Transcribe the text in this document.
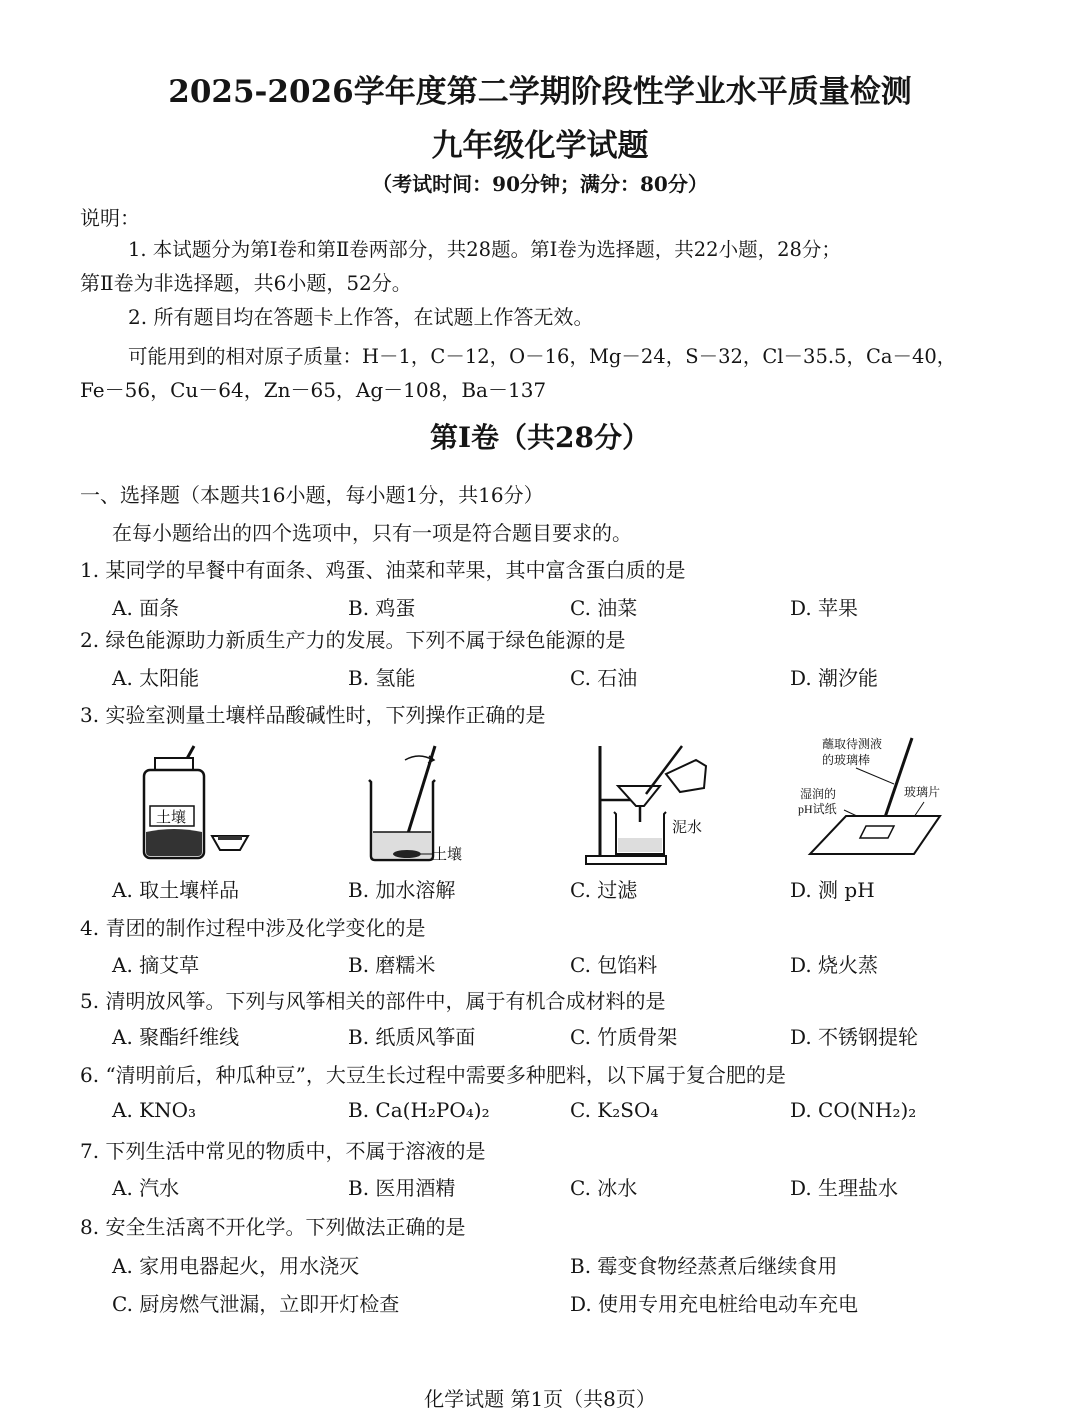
2025-2026学年度第二学期阶段性学业水平质量检测
九年级化学试题
（考试时间：90分钟；满分：80分）
说明：
1. 本试题分为第Ⅰ卷和第Ⅱ卷两部分，共28题。第Ⅰ卷为选择题，共22小题，28分；
第Ⅱ卷为非选择题，共6小题，52分。
2. 所有题目均在答题卡上作答，在试题上作答无效。
可能用到的相对原子质量：H－1，C－12，O－16，Mg－24，S－32，Cl－35.5，Ca－40，
Fe－56，Cu－64，Zn－65，Ag－108，Ba－137
第Ⅰ卷（共28分）
一、选择题（本题共16小题，每小题1分，共16分）
在每小题给出的四个选项中，只有一项是符合题目要求的。
1. 某同学的早餐中有面条、鸡蛋、油菜和苹果，其中富含蛋白质的是
A. 面条	B. 鸡蛋	C. 油菜	D. 苹果
2. 绿色能源助力新质生产力的发展。下列不属于绿色能源的是
A. 太阳能	B. 氢能	C. 石油	D. 潮汐能
3. 实验室测量土壤样品酸碱性时，下列操作正确的是
土壤
土壤
泥水
蘸取待测液
的玻璃棒
湿润的
pH试纸
玻璃片
A. 取土壤样品	B. 加水溶解	C. 过滤	D. 测 pH
4. 青团的制作过程中涉及化学变化的是
A. 摘艾草	B. 磨糯米	C. 包馅料	D. 烧火蒸
5. 清明放风筝。下列与风筝相关的部件中，属于有机合成材料的是
A. 聚酯纤维线	B. 纸质风筝面	C. 竹质骨架	D. 不锈钢提轮
6. “清明前后，种瓜种豆”，大豆生长过程中需要多种肥料，以下属于复合肥的是
A. KNO₃	B. Ca(H₂PO₄)₂	C. K₂SO₄	D. CO(NH₂)₂
7. 下列生活中常见的物质中，不属于溶液的是
A. 汽水	B. 医用酒精	C. 冰水	D. 生理盐水
8. 安全生活离不开化学。下列做法正确的是
A. 家用电器起火，用水浇灭	B. 霉变食物经蒸煮后继续食用
C. 厨房燃气泄漏，立即开灯检查	D. 使用专用充电桩给电动车充电
化学试题 第1页（共8页）
